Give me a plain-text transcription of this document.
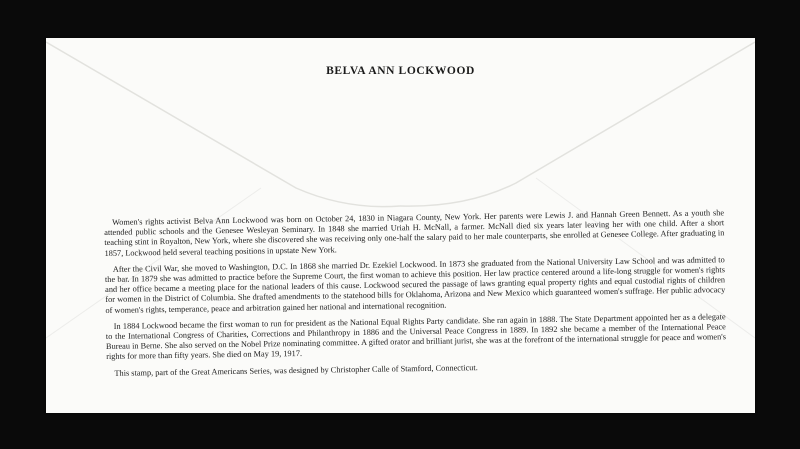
BELVA ANN LOCKWOOD

Women's rights activist Belva Ann Lockwood was born on October 24, 1830 in Niagara County, New York. Her parents were Lewis J. and Hannah Green Bennett. As a youth she attended public schools and the Genesee Wesleyan Seminary. In 1848 she married Uriah H. McNall, a farmer. McNall died six years later leaving her with one child. After a short teaching stint in Royalton, New York, where she discovered she was receiving only one-half the salary paid to her male counterparts, she enrolled at Genesee College. After graduating in 1857, Lockwood held several teaching positions in upstate New York.

After the Civil War, she moved to Washington, D.C. In 1868 she married Dr. Ezekiel Lockwood. In 1873 she graduated from the National University Law School and was admitted to the bar. In 1879 she was admitted to practice before the Supreme Court, the first woman to achieve this position. Her law practice centered around a life-long struggle for women's rights and her office became a meeting place for the national leaders of this cause. Lockwood secured the passage of laws granting equal property rights and equal custodial rights of children for women in the District of Columbia. She drafted amendments to the statehood bills for Oklahoma, Arizona and New Mexico which guaranteed women's suffrage. Her public advocacy of women's rights, temperance, peace and arbitration gained her national and international recognition.

In 1884 Lockwood became the first woman to run for president as the National Equal Rights Party candidate. She ran again in 1888. The State Department appointed her as a delegate to the International Congress of Charities, Corrections and Philanthropy in 1886 and the Universal Peace Congress in 1889. In 1892 she became a member of the International Peace Bureau in Berne. She also served on the Nobel Prize nominating committee. A gifted orator and brilliant jurist, she was at the forefront of the international struggle for peace and women's rights for more than fifty years. She died on May 19, 1917.

This stamp, part of the Great Americans Series, was designed by Christopher Calle of Stamford, Connecticut.
